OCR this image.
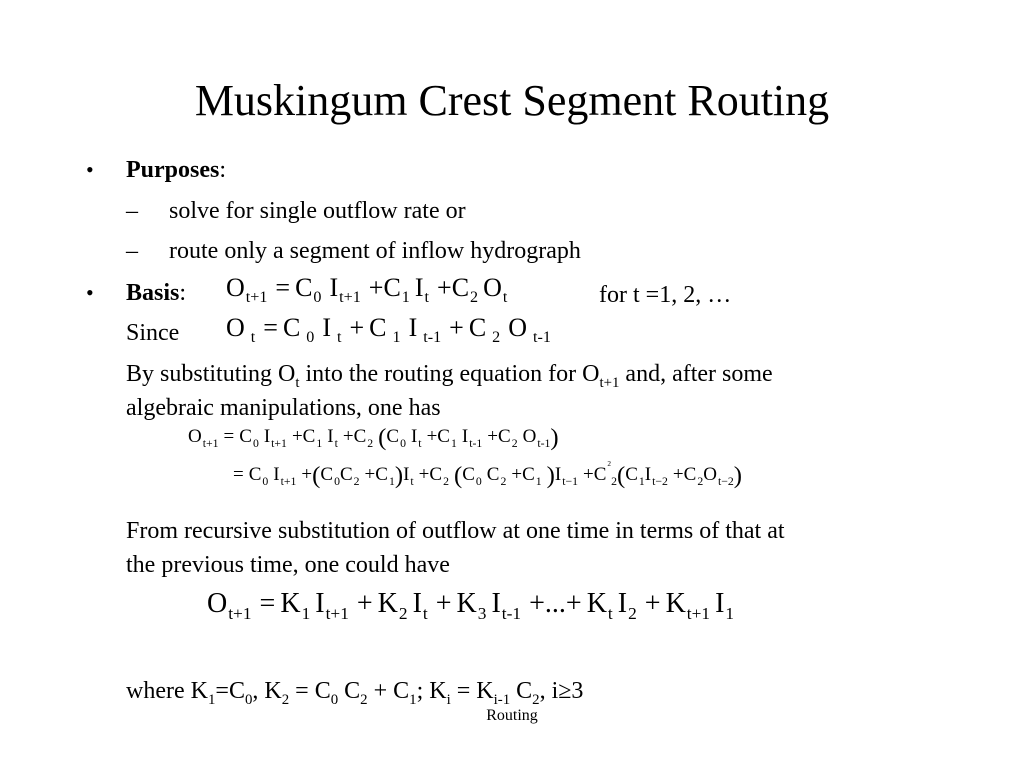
Muskingum Crest Segment Routing
• Purposes:
– solve for single outflow rate or
– route only a segment of inflow hydrograph
• Basis: $O_{t+1} = C_0$ $I_{t+1} +C_1$ $I_t +C_2$ $O_t$	for t =1, 2, …
Since O $_t$ = C $_0$ I $_t$ + C $_1$ I $_{t-1}$ + C $_2$ O $_{t-1}$
By substituting $O_t$ into the routing equation for $O_{t+1}$ and, after some
algebraic manipulations, one has
$O_{t+1} = C_0$ $I_{t+1} +C_1$ $I_t +C_2$ ($C_0$ $I_t +C_1$ $I_{t-1} +C_2$ $O_{t-1}$)
= $C_0$ $I_{t+1} +(C_0C_2 +C_1)I_t +C_2$ ($C_0$ $C_2 +C_1$ )$I_{t-1} +C_{^22}(C_1I_{t-2} +C_2O_{t-2})$
From recursive substitution of outflow at one time in terms of that at
the previous time, one could have
$O_{t+1} = K_1$ $I_{t+1} + K_2$ $I_t + K_3$ $I_{t-1}$ +...+ $K_t$ $I_2 + K_{t+1}$ $I_1$
where $K_1=C_0$, $K_2 = C_0$ $C_2 + C_1$; $K_i = K_{i-1}$ $C_2$, i≥3
Routing
